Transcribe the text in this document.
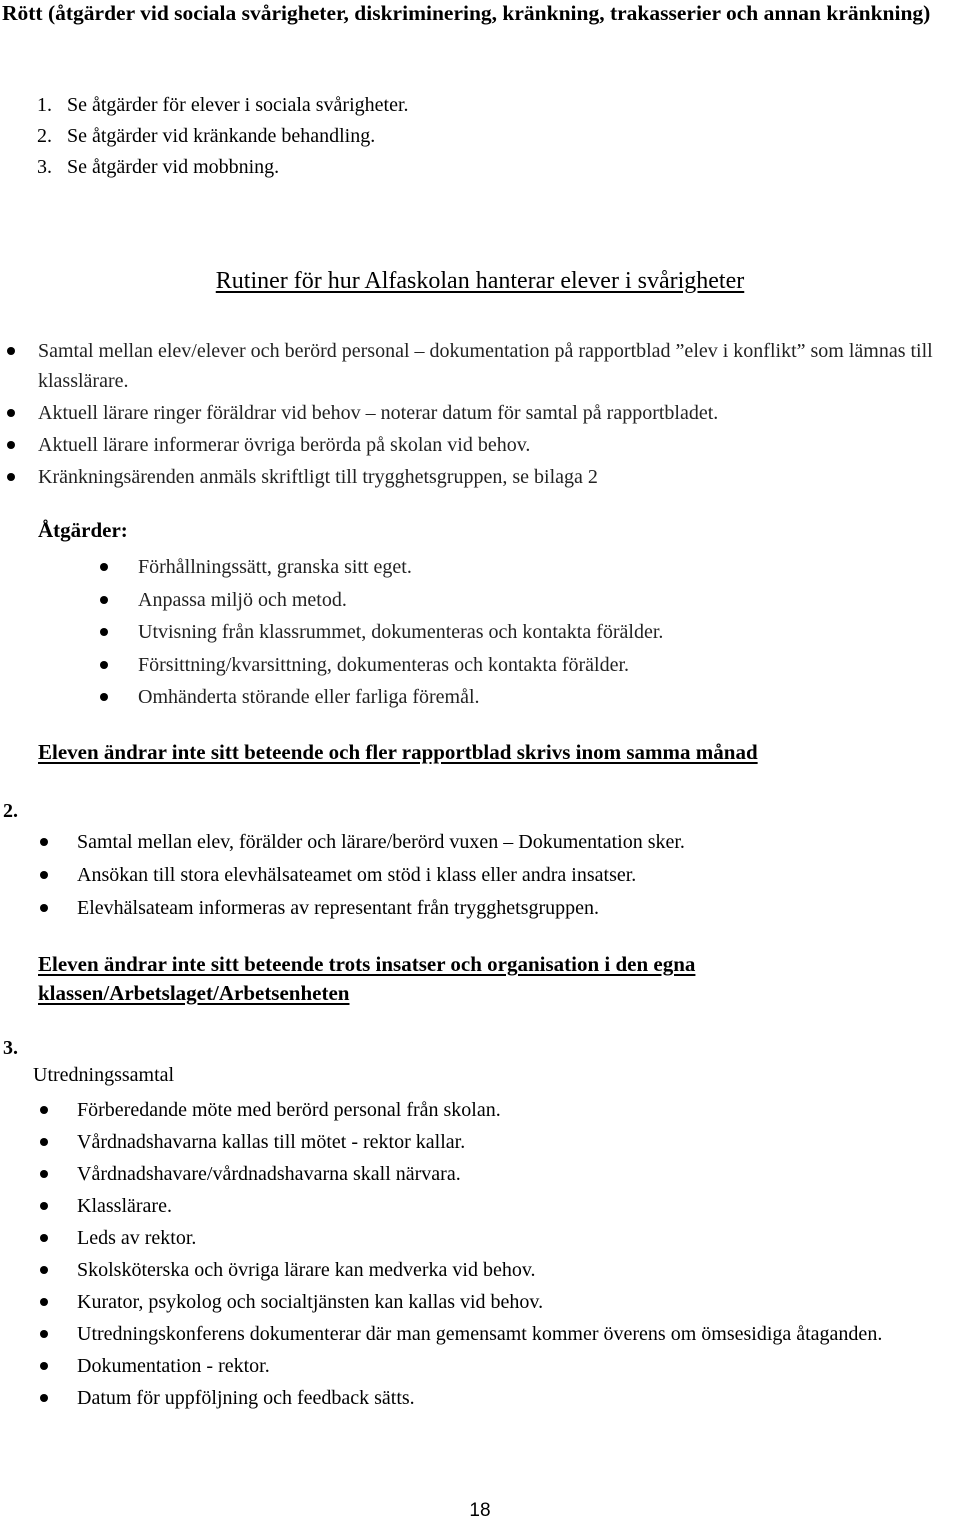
Rött (åtgärder vid sociala svårigheter, diskriminering, kränkning, trakasserier och annan kränkning)
1. Se åtgärder för elever i sociala svårigheter.
2. Se åtgärder vid kränkande behandling.
3. Se åtgärder vid mobbning.
Rutiner för hur Alfaskolan hanterar elever i svårigheter
Samtal mellan elev/elever och berörd personal – dokumentation på rapportblad ”elev i konflikt” som lämnas till klasslärare.
Aktuell lärare ringer föräldrar vid behov – noterar datum för samtal på rapportbladet.
Aktuell lärare informerar övriga berörda på skolan vid behov.
Kränkningsärenden anmäls skriftligt till trygghetsgruppen, se bilaga 2
Åtgärder:
Förhållningssätt, granska sitt eget.
Anpassa miljö och metod.
Utvisning från klassrummet, dokumenteras och kontakta förälder.
Försittning/kvarsittning, dokumenteras och kontakta förälder.
Omhänderta störande eller farliga föremål.
Eleven ändrar inte sitt beteende och fler rapportblad skrivs inom samma månad
2.
Samtal mellan elev, förälder och lärare/berörd vuxen – Dokumentation sker.
Ansökan till stora elevhälsateamet om stöd i klass eller andra insatser.
Elevhälsateam informeras av representant från trygghetsgruppen.
Eleven ändrar inte sitt beteende trots insatser och organisation i den egna klassen/Arbetslaget/Arbetsenheten
3.
Utredningssamtal
Förberedande möte med berörd personal från skolan.
Vårdnadshavarna kallas till mötet - rektor kallar.
Vårdnadshavare/vårdnadshavarna skall närvara.
Klasslärare.
Leds av rektor.
Skolsköterska och övriga lärare kan medverka vid behov.
Kurator, psykolog och socialtjänsten kan kallas vid behov.
Utredningskonferens dokumenterar där man gemensamt kommer överens om ömsesidiga åtaganden.
Dokumentation - rektor.
Datum för uppföljning och feedback sätts.
18
